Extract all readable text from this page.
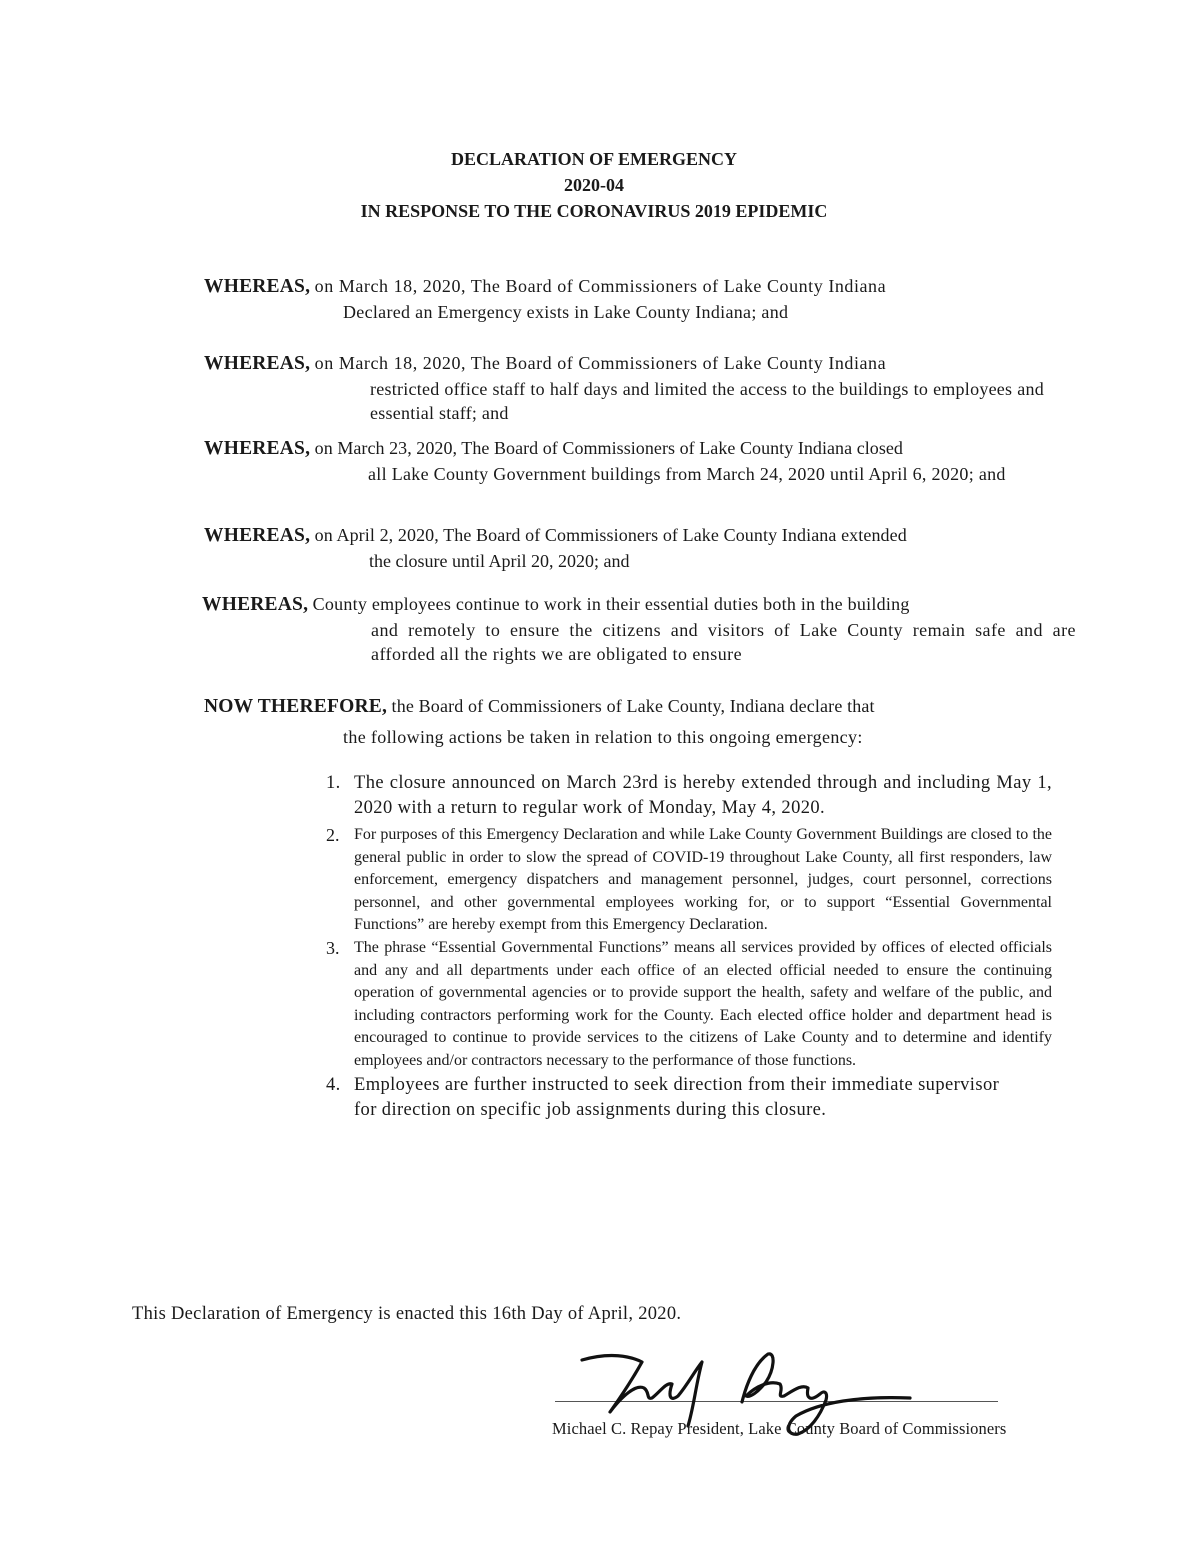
DECLARATION OF EMERGENCY
2020-04
IN RESPONSE TO THE CORONAVIRUS 2019 EPIDEMIC
WHEREAS, on March 18, 2020, The Board of Commissioners of Lake County Indiana
Declared an Emergency exists in Lake County Indiana; and
WHEREAS, on March 18, 2020, The Board of Commissioners of Lake County Indiana
restricted office staff to half days and limited the access to the buildings to employees and essential staff; and
WHEREAS, on March 23, 2020, The Board of Commissioners of Lake County Indiana closed
all Lake County Government buildings from March 24, 2020 until April 6, 2020; and
WHEREAS, on April 2, 2020, The Board of Commissioners of Lake County Indiana extended
the closure until April 20, 2020; and
WHEREAS, County employees continue to work in their essential duties both in the building
and remotely to ensure the citizens and visitors of Lake County remain safe and are afforded all the rights we are obligated to ensure
NOW THEREFORE, the Board of Commissioners of Lake County, Indiana declare that
the following actions be taken in relation to this ongoing emergency:
1. The closure announced on March 23rd is hereby extended through and including May 1, 2020 with a return to regular work of Monday, May 4, 2020.
2. For purposes of this Emergency Declaration and while Lake County Government Buildings are closed to the general public in order to slow the spread of COVID-19 throughout Lake County, all first responders, law enforcement, emergency dispatchers and management personnel, judges, court personnel, corrections personnel, and other governmental employees working for, or to support “Essential Governmental Functions” are hereby exempt from this Emergency Declaration.
3. The phrase “Essential Governmental Functions” means all services provided by offices of elected officials and any and all departments under each office of an elected official needed to ensure the continuing operation of governmental agencies or to provide support the health, safety and welfare of the public, and including contractors performing work for the County. Each elected office holder and department head is encouraged to continue to provide services to the citizens of Lake County and to determine and identify employees and/or contractors necessary to the performance of those functions.
4. Employees are further instructed to seek direction from their immediate supervisor for direction on specific job assignments during this closure.
This Declaration of Emergency is enacted this 16th Day of April, 2020.
Michael C. Repay President, Lake County Board of Commissioners
